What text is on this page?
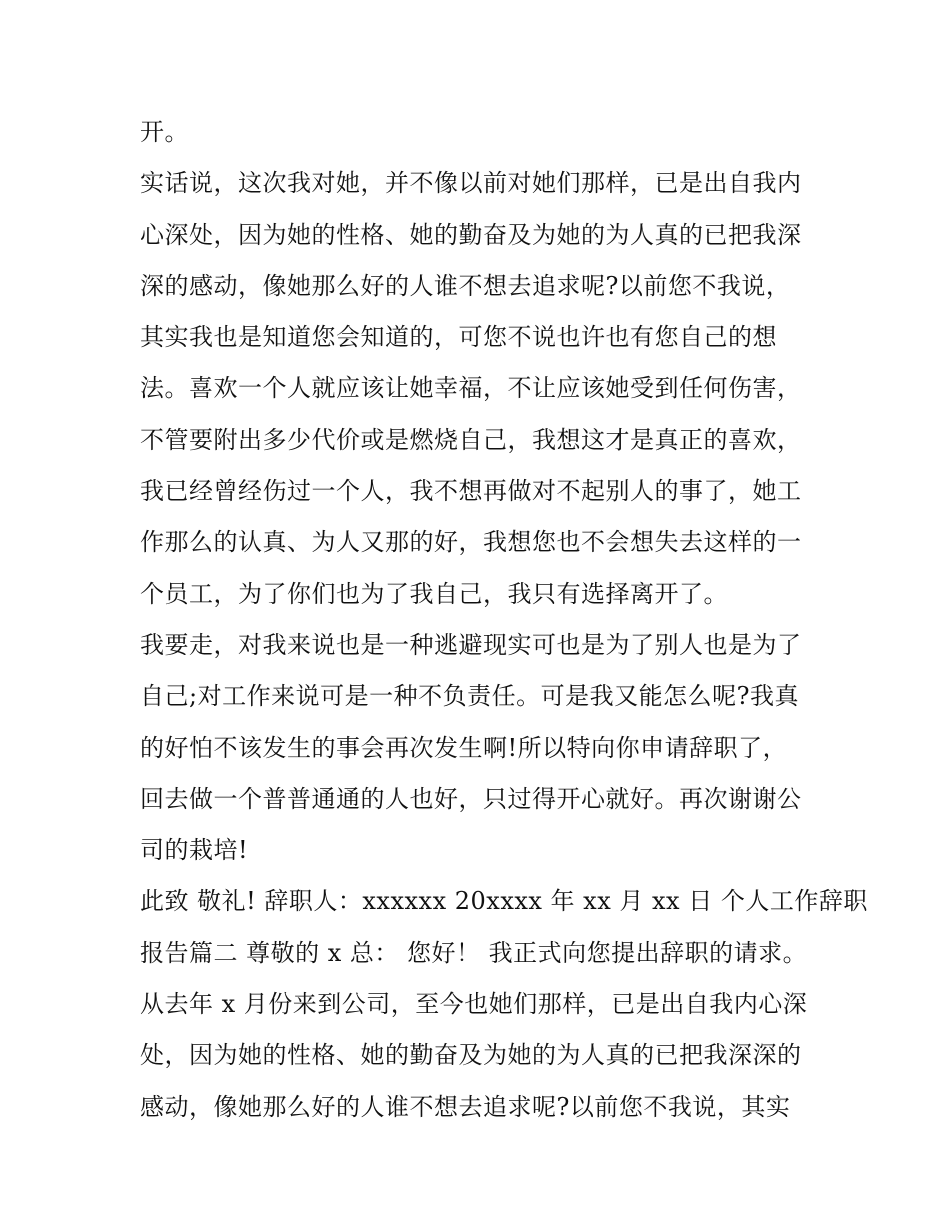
开。
实话说，这次我对她，并不像以前对她们那样，已是出自我内
心深处，因为她的性格、她的勤奋及为她的为人真的已把我深
深的感动，像她那么好的人谁不想去追求呢?以前您不我说，
其实我也是知道您会知道的，可您不说也许也有您自己的想
法。喜欢一个人就应该让她幸福，不让应该她受到任何伤害，
不管要附出多少代价或是燃烧自己，我想这才是真正的喜欢，
我已经曾经伤过一个人，我不想再做对不起别人的事了，她工
作那么的认真、为人又那的好，我想您也不会想失去这样的一
个员工，为了你们也为了我自己，我只有选择离开了。
我要走，对我来说也是一种逃避现实可也是为了别人也是为了
自己;对工作来说可是一种不负责任。可是我又能怎么呢?我真
的好怕不该发生的事会再次发生啊!所以特向你申请辞职了，
回去做一个普普通通的人也好，只过得开心就好。再次谢谢公
司的栽培!
此致 敬礼! 辞职人：xxxxxx 20xxxx 年 xx 月 xx 日 个人工作辞职
报告篇二 尊敬的 x 总： 您好！ 我正式向您提出辞职的请求。
从去年 x 月份来到公司，至今也她们那样，已是出自我内心深
处，因为她的性格、她的勤奋及为她的为人真的已把我深深的
感动，像她那么好的人谁不想去追求呢?以前您不我说，其实
